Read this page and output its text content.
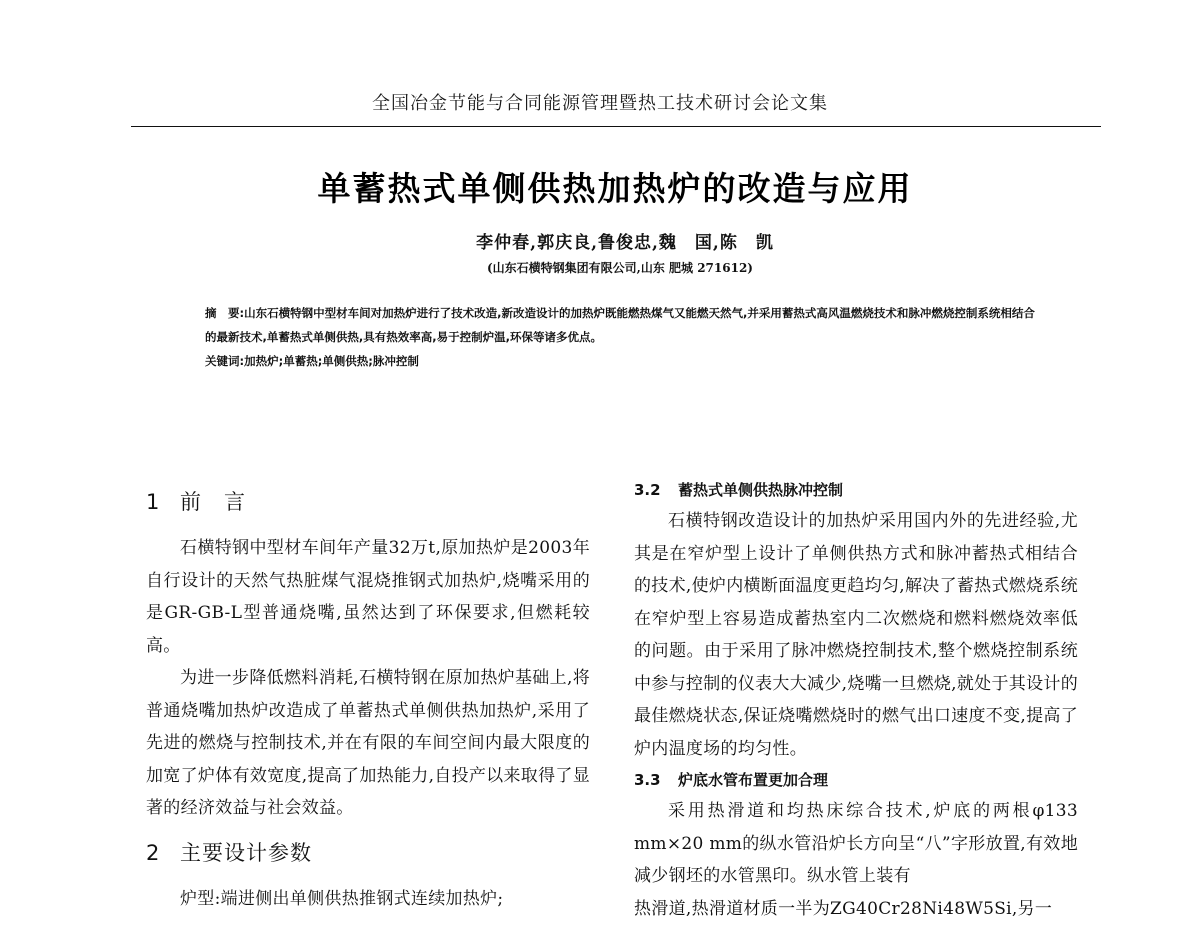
全国冶金节能与合同能源管理暨热工技术研讨会论文集
单蓄热式单侧供热加热炉的改造与应用
李仲春,郭庆良,鲁俊忠,魏　国,陈　凯
(山东石横特钢集团有限公司,山东 肥城 271612)
摘　要:山东石横特钢中型材车间对加热炉进行了技术改造,新改造设计的加热炉既能燃热煤气又能燃天然气,并采用蓄热式高风温燃烧技术和脉冲燃烧控制系统相结合的最新技术,单蓄热式单侧供热,具有热效率高,易于控制炉温,环保等诸多优点。
关键词:加热炉;单蓄热;单侧供热;脉冲控制
1 前　言

石横特钢中型材车间年产量32万t,原加热炉是2003年自行设计的天然气热脏煤气混烧推钢式加热炉,烧嘴采用的是GR-GB-L型普通烧嘴,虽然达到了环保要求,但燃耗较高。

为进一步降低燃料消耗,石横特钢在原加热炉基础上,将普通烧嘴加热炉改造成了单蓄热式单侧供热加热炉,采用了先进的燃烧与控制技术,并在有限的车间空间内最大限度的加宽了炉体有效宽度,提高了加热能力,自投产以来取得了显著的经济效益与社会效益。

2 主要设计参数

炉型:端进侧出单侧供热推钢式连续加热炉;

3.2 蓄热式单侧供热脉冲控制

石横特钢改造设计的加热炉采用国内外的先进经验,尤其是在窄炉型上设计了单侧供热方式和脉冲蓄热式相结合的技术,使炉内横断面温度更趋均匀,解决了蓄热式燃烧系统在窄炉型上容易造成蓄热室内二次燃烧和燃料燃烧效率低的问题。由于采用了脉冲燃烧控制技术,整个燃烧控制系统中参与控制的仪表大大减少,烧嘴一旦燃烧,就处于其设计的最佳燃烧状态,保证烧嘴燃烧时的燃气出口速度不变,提高了炉内温度场的均匀性。

3.3 炉底水管布置更加合理

采用热滑道和均热床综合技术,炉底的两根φ133 mm×20 mm的纵水管沿炉长方向呈“八”字形放置,有效地减少钢坯的水管黑印。纵水管上装有

热滑道,热滑道材质一半为ZG40Cr28Ni48W5Si,另一
